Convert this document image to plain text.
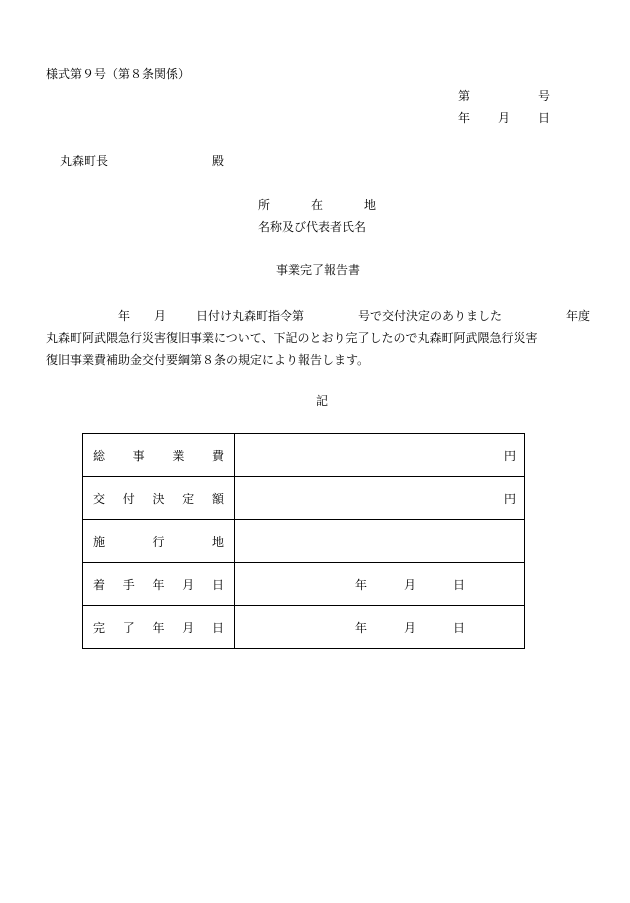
様式第９号（第８条関係）
第	号
年 月 日
丸森町長	殿
所	在	地
名称及び代表者氏名
事業完了報告書
年 月 日付け丸森町指令第	号で交付決定のありました	年度
丸森町阿武隈急行災害復旧事業について、下記のとおり完了したので丸森町阿武隈急行災害
復旧事業費補助金交付要綱第８条の規定により報告します。
記
総 事 業 費	円

交 付 決 定 額	円

施 行 地	

着 手 年 月 日	年 月 日

完 了 年 月 日	年 月 日
